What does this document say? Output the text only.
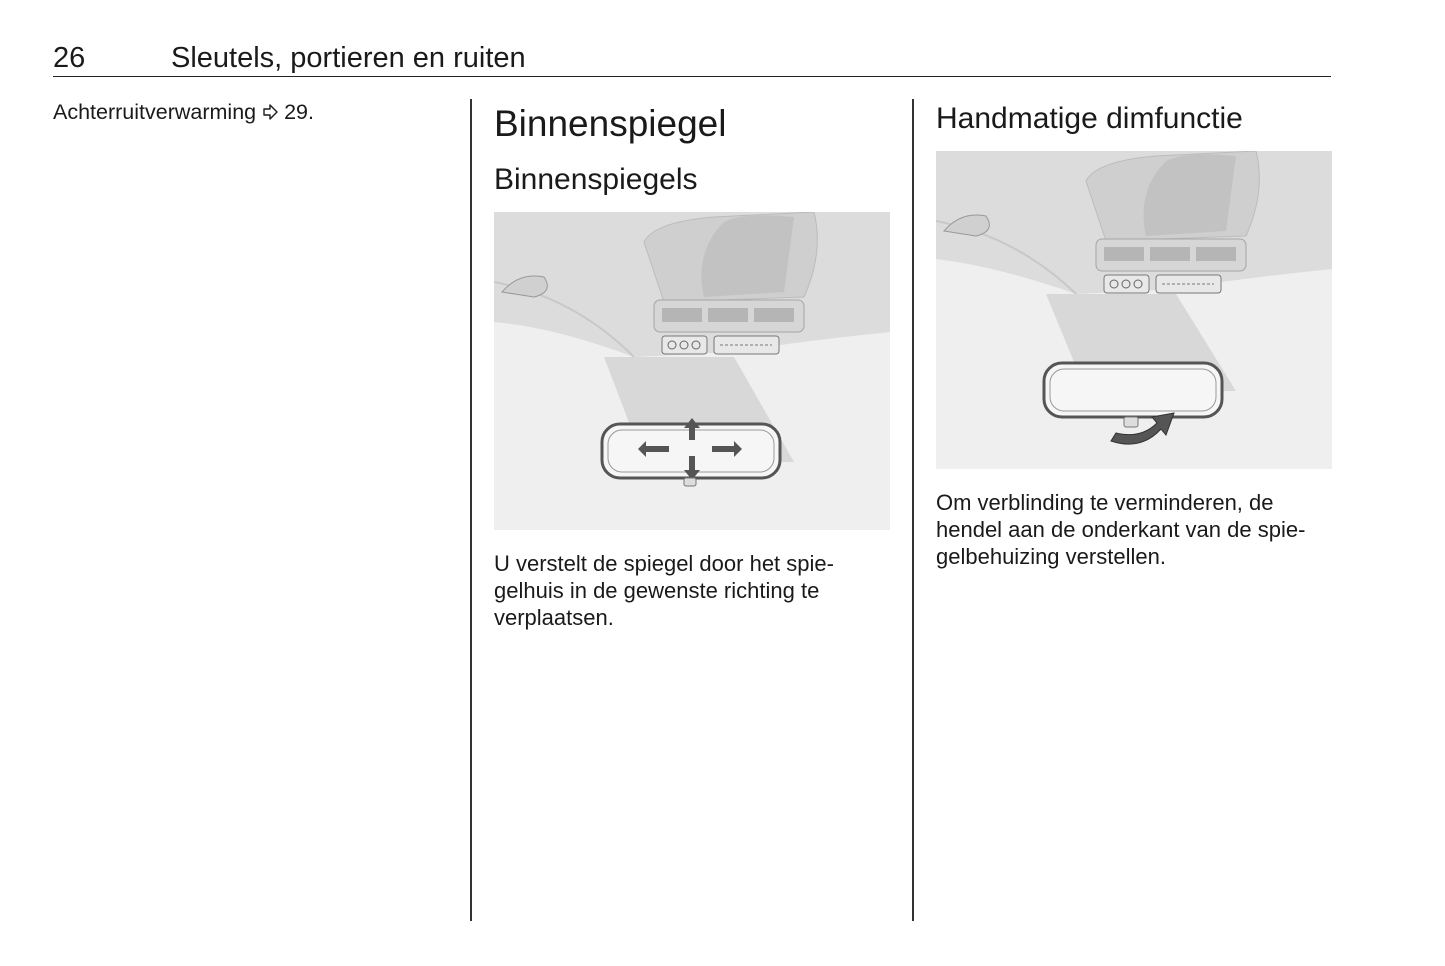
26	Sleutels, portieren en ruiten
Achterruitverwarming 29.	Binnenspiegel
Binnenspiegels
U verstelt de spiegel door het spiegelhuis in de gewenste richting te verplaatsen.
Handmatige dimfunctie
Om verblinding te verminderen, de hendel aan de onderkant van de spiegelbehuizing verstellen.
